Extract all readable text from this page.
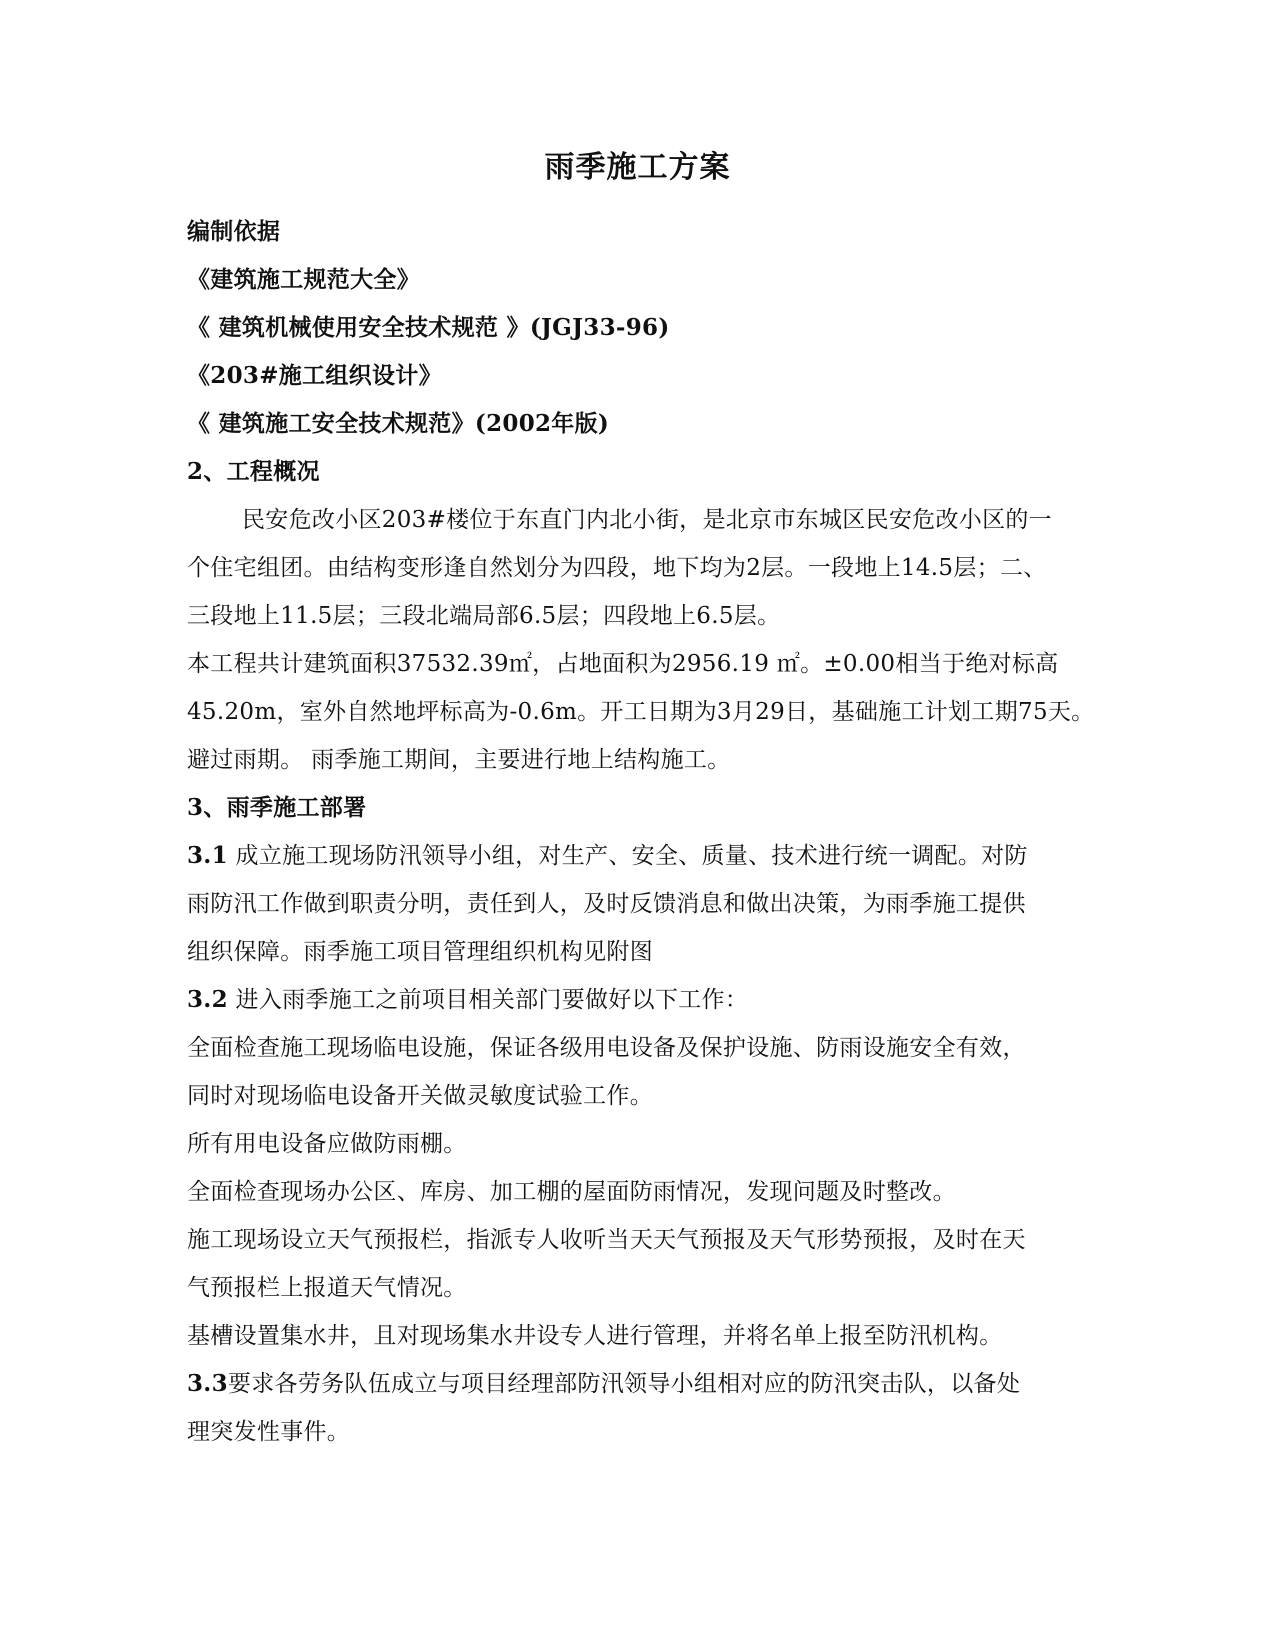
雨季施工方案
编制依据
《建筑施工规范大全》
《 建筑机械使用安全技术规范 》(JGJ33-96)
《203#施工组织设计》
《 建筑施工安全技术规范》(2002年版)
2、工程概况
民安危改小区203#楼位于东直门内北小街，是北京市东城区民安危改小区的一
个住宅组团。由结构变形逢自然划分为四段，地下均为2层。一段地上14.5层；二、
三段地上11.5层；三段北端局部6.5层；四段地上6.5层。
本工程共计建筑面积37532.39㎡，占地面积为2956.19 ㎡。±0.00相当于绝对标高
45.20m，室外自然地坪标高为-0.6m。开工日期为3月29日，基础施工计划工期75天。
避过雨期。 雨季施工期间，主要进行地上结构施工。
3、雨季施工部署
3.1 成立施工现场防汛领导小组，对生产、安全、质量、技术进行统一调配。对防
雨防汛工作做到职责分明，责任到人，及时反馈消息和做出决策，为雨季施工提供
组织保障。雨季施工项目管理组织机构见附图
3.2 进入雨季施工之前项目相关部门要做好以下工作：
全面检查施工现场临电设施，保证各级用电设备及保护设施、防雨设施安全有效，
同时对现场临电设备开关做灵敏度试验工作。
所有用电设备应做防雨棚。
全面检查现场办公区、库房、加工棚的屋面防雨情况，发现问题及时整改。
施工现场设立天气预报栏，指派专人收听当天天气预报及天气形势预报，及时在天
气预报栏上报道天气情况。
基槽设置集水井，且对现场集水井设专人进行管理，并将名单上报至防汛机构。
3.3要求各劳务队伍成立与项目经理部防汛领导小组相对应的防汛突击队，以备处
理突发性事件。
